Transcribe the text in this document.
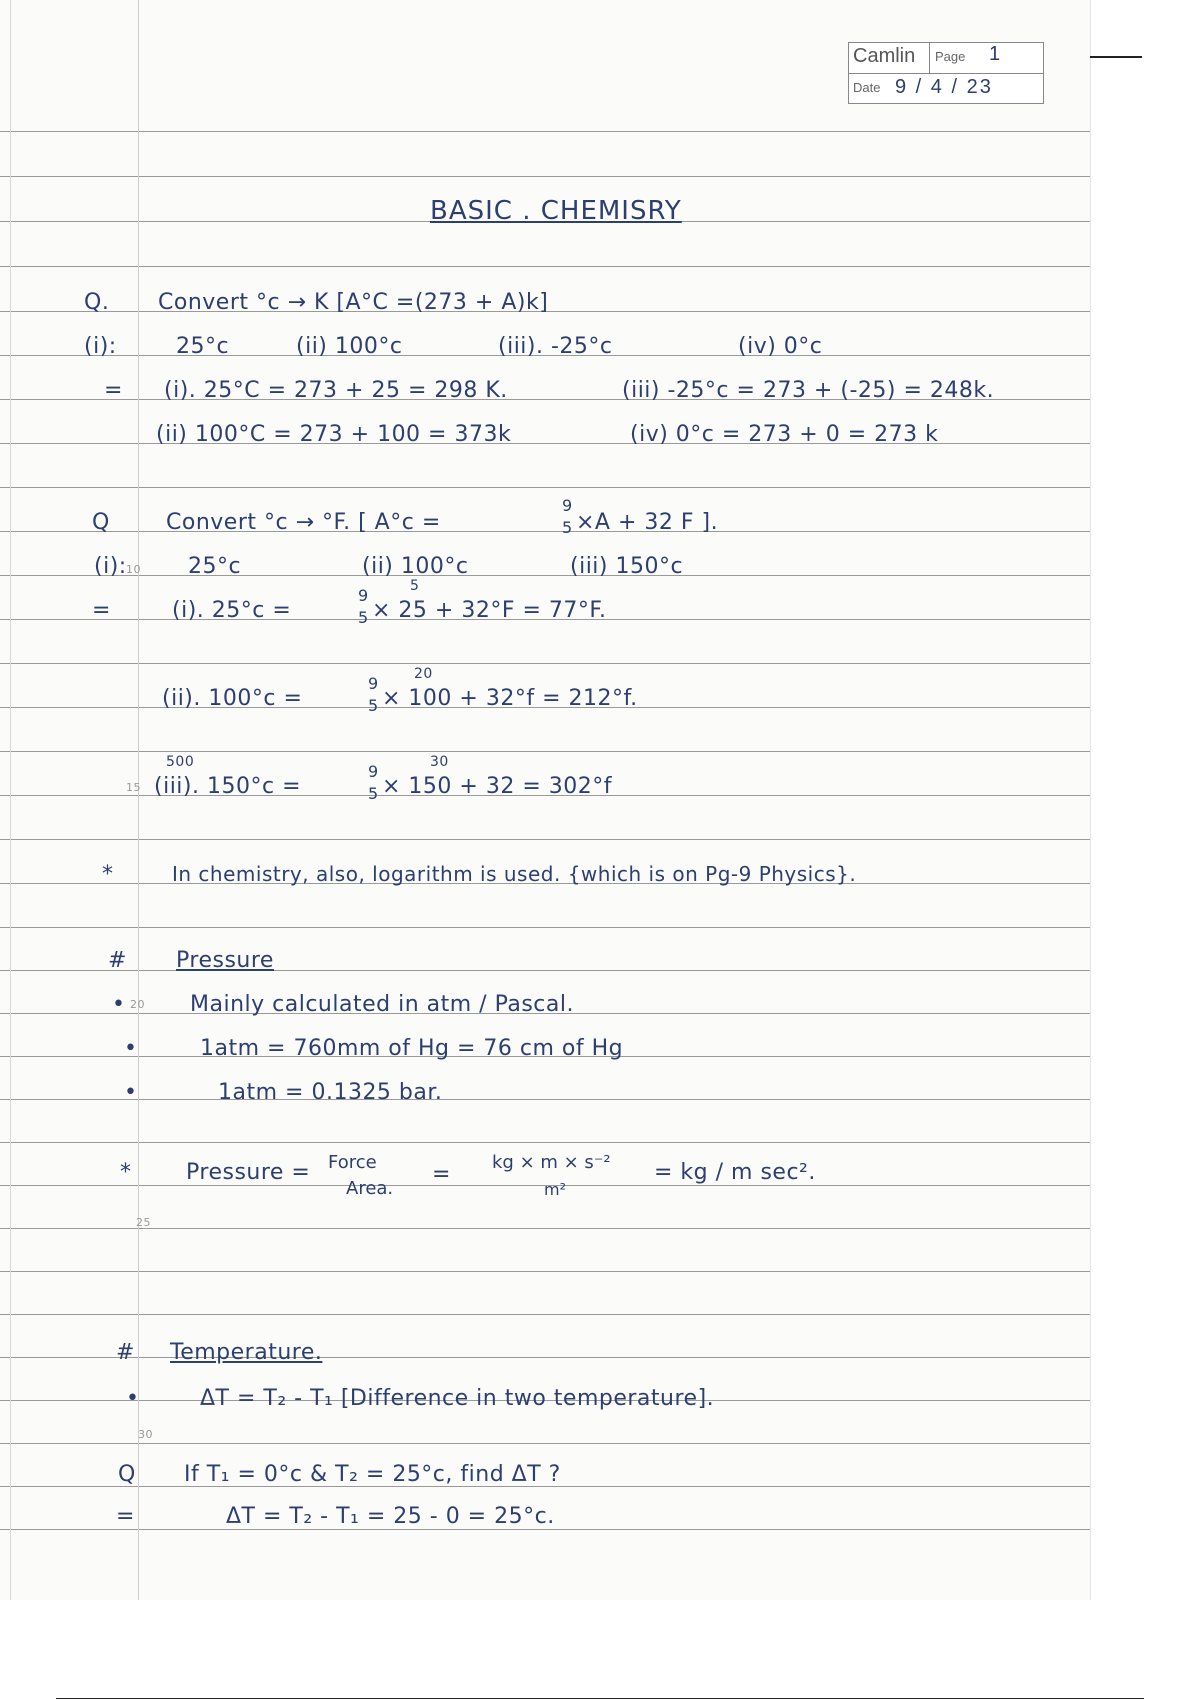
10
15
20
25
30
Camlin Page 1
Date 9 / 4 / 23
BASIC . CHEMISRY
Q. Convert °c → K [A°C =(273 + A)k]
(i):	25°c	(ii) 100°c	(iii). -25°c	(iv) 0°c
= (i). 25°C = 273 + 25 = 298 K.	(iii) -25°c = 273 + (-25) = 248k.
(ii) 100°C = 273 + 100 = 373k	(iv) 0°c = 273 + 0 = 273 k
Q	Convert °c → °F. [ A°c =
9
5 ×A + 32 F ].
(i):	25°c	(ii) 100°c	(iii) 150°c
=	(i). 25°c =
9
5
5
× 25 + 32°F = 77°F.
(ii). 100°c =
9
5
20
× 100 + 32°f = 212°f.
500
(iii). 150°c =
9
5
30
× 150 + 32 = 302°f
*	In chemistry, also, logarithm is used. {which is on Pg-9 Physics}.
# Pressure
•	Mainly calculated in atm / Pascal.
•	1atm = 760mm of Hg = 76 cm of Hg
•	1atm = 0.1325 bar.
* Pressure = Force
Area.
= kg × m × s⁻²
m²
= kg / m sec².
# Temperature.
•	ΔT = T₂ - T₁ [Difference in two temperature].
Q If T₁ = 0°c & T₂ = 25°c, find ΔT ?
=	ΔT = T₂ - T₁ = 25 - 0 = 25°c.
